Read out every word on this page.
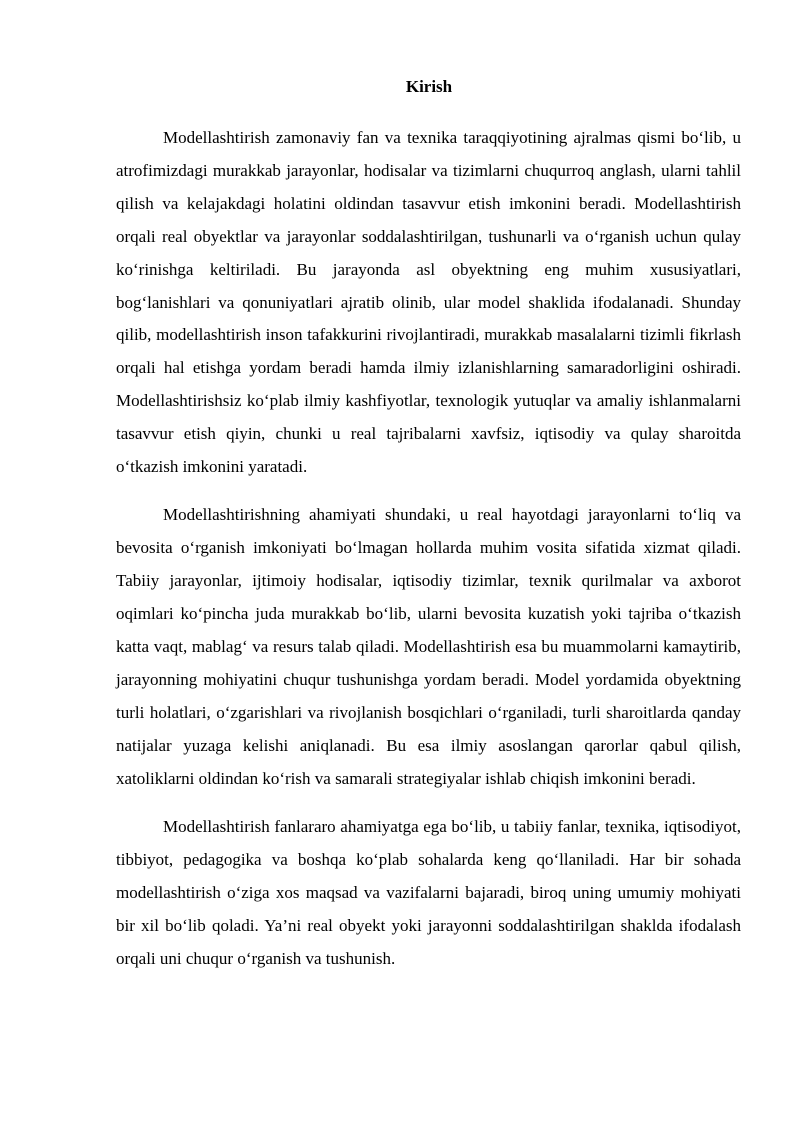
Kirish

Modellashtirish zamonaviy fan va texnika taraqqiyotining ajralmas qismi bo‘lib, u atrofimizdagi murakkab jarayonlar, hodisalar va tizimlarni chuqurroq anglash, ularni tahlil qilish va kelajakdagi holatini oldindan tasavvur etish imkonini beradi. Modellashtirish orqali real obyektlar va jarayonlar soddalashtirilgan, tushunarli va o‘rganish uchun qulay ko‘rinishga keltiriladi. Bu jarayonda asl obyektning eng muhim xususiyatlari, bog‘lanishlari va qonuniyatlari ajratib olinib, ular model shaklida ifodalanadi. Shunday qilib, modellashtirish inson tafakkurini rivojlantiradi, murakkab masalalarni tizimli fikrlash orqali hal etishga yordam beradi hamda ilmiy izlanishlarning samaradorligini oshiradi. Modellashtirishsiz ko‘plab ilmiy kashfiyotlar, texnologik yutuqlar va amaliy ishlanmalarni tasavvur etish qiyin, chunki u real tajribalarni xavfsiz, iqtisodiy va qulay sharoitda o‘tkazish imkonini yaratadi.

Modellashtirishning ahamiyati shundaki, u real hayotdagi jarayonlarni to‘liq va bevosita o‘rganish imkoniyati bo‘lmagan hollarda muhim vosita sifatida xizmat qiladi. Tabiiy jarayonlar, ijtimoiy hodisalar, iqtisodiy tizimlar, texnik qurilmalar va axborot oqimlari ko‘pincha juda murakkab bo‘lib, ularni bevosita kuzatish yoki tajriba o‘tkazish katta vaqt, mablag‘ va resurs talab qiladi. Modellashtirish esa bu muammolarni kamaytirib, jarayonning mohiyatini chuqur tushunishga yordam beradi. Model yordamida obyektning turli holatlari, o‘zgarishlari va rivojlanish bosqichlari o‘rganiladi, turli sharoitlarda qanday natijalar yuzaga kelishi aniqlanadi. Bu esa ilmiy asoslangan qarorlar qabul qilish, xatoliklarni oldindan ko‘rish va samarali strategiyalar ishlab chiqish imkonini beradi.

Modellashtirish fanlararo ahamiyatga ega bo‘lib, u tabiiy fanlar, texnika, iqtisodiyot, tibbiyot, pedagogika va boshqa ko‘plab sohalarda keng qo‘llaniladi. Har bir sohada modellashtirish o‘ziga xos maqsad va vazifalarni bajaradi, biroq uning umumiy mohiyati bir xil bo‘lib qoladi. Ya’ni real obyekt yoki jarayonni soddalashtirilgan shaklda ifodalash orqali uni chuqur o‘rganish va tushunish.
